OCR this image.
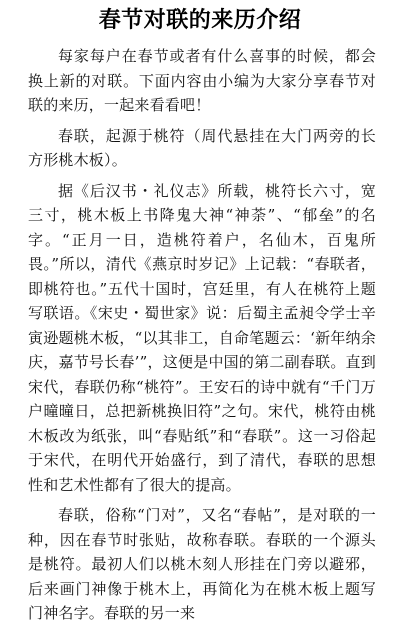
春节对联的来历介绍

每家每户在春节或者有什么喜事的时候，都会换上新的对联。下面内容由小编为大家分享春节对联的来历，一起来看看吧！

春联，起源于桃符（周代悬挂在大门两旁的长方形桃木板）。

据《后汉书・礼仪志》所载，桃符长六寸，宽三寸，桃木板上书降鬼大神“神荼”、“郁垒”的名字。“正月一日，造桃符着户，名仙木，百鬼所畏。”所以，清代《燕京时岁记》上记载：“春联者，即桃符也。”五代十国时，宫廷里，有人在桃符上题写联语。《宋史・蜀世家》说：后蜀主孟昶令学士辛寅逊题桃木板，“以其非工，自命笔题云：‘新年纳余庆，嘉节号长春’”，这便是中国的第二副春联。直到宋代，春联仍称“桃符”。王安石的诗中就有“千门万户曈曈日，总把新桃换旧符”之句。宋代，桃符由桃木板改为纸张，叫“春贴纸”和“春联”。这一习俗起于宋代，在明代开始盛行，到了清代，春联的思想性和艺术性都有了很大的提高。

春联，俗称“门对”，又名“春帖”，是对联的一种，因在春节时张贴，故称春联。春联的一个源头是桃符。最初人们以桃木刻人形挂在门旁以避邪，后来画门神像于桃木上，再简化为在桃木板上题写门神名字。春联的另一来
